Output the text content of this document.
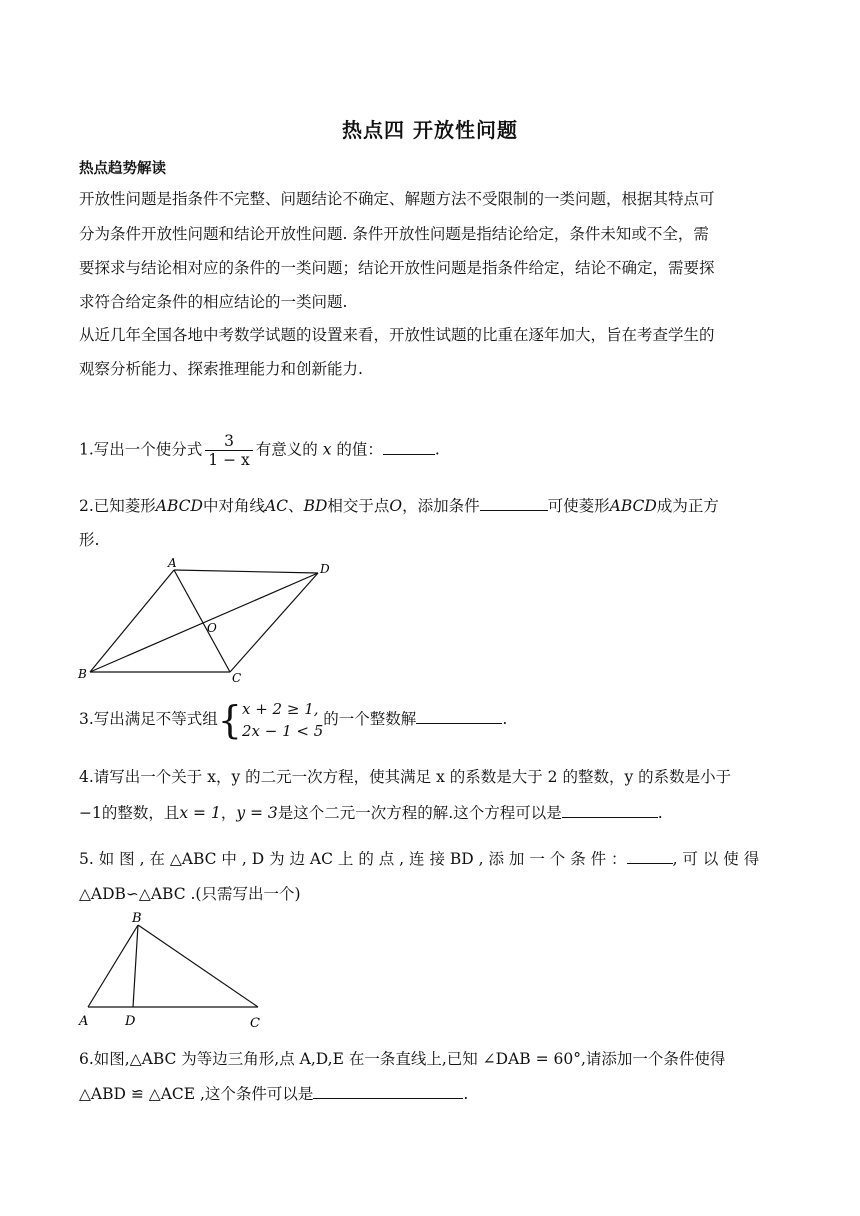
热点四 开放性问题
热点趋势解读
开放性问题是指条件不完整、问题结论不确定、解题方法不受限制的一类问题，根据其特点可
分为条件开放性问题和结论开放性问题. 条件开放性问题是指结论给定，条件未知或不全，需
要探求与结论相对应的条件的一类问题；结论开放性问题是指条件给定，结论不确定，需要探
求符合给定条件的相应结论的一类问题.
从近几年全国各地中考数学试题的设置来看，开放性试题的比重在逐年加大，旨在考查学生的
观察分析能力、探索推理能力和创新能力.
1.写出一个使分式 $\frac{3}{1 - x}$ 有意义的 x 的值：	.
2.已知菱形ABCD中对角线AC、BD相交于点O，添加条件	可使菱形ABCD成为正方
形.
A	D
O
B	C
3.写出满足不等式组{ x + 2 ≥ 1,
2x − 1 < 5
的一个整数解	.
4.请写出一个关于 x，y 的二元一次方程，使其满足 x 的系数是大于 2 的整数，y 的系数是小于
−1的整数，且x = 1，y = 3是这个二元一次方程的解.这个方程可以是	.
5. 如 图 , 在 △ABC 中 , D 为 边 AC 上 的 点 , 连 接 BD , 添 加 一 个 条 件 ：	, 可 以 使 得
△ADB∽△ABC .(只需写出一个)
B
A	D	C
6.如图,△ABC 为等边三角形,点 A,D,E 在一条直线上,已知 ∠DAB = 60°,请添加一个条件使得
△ABD ≌ △ACE ,这个条件可以是	.
